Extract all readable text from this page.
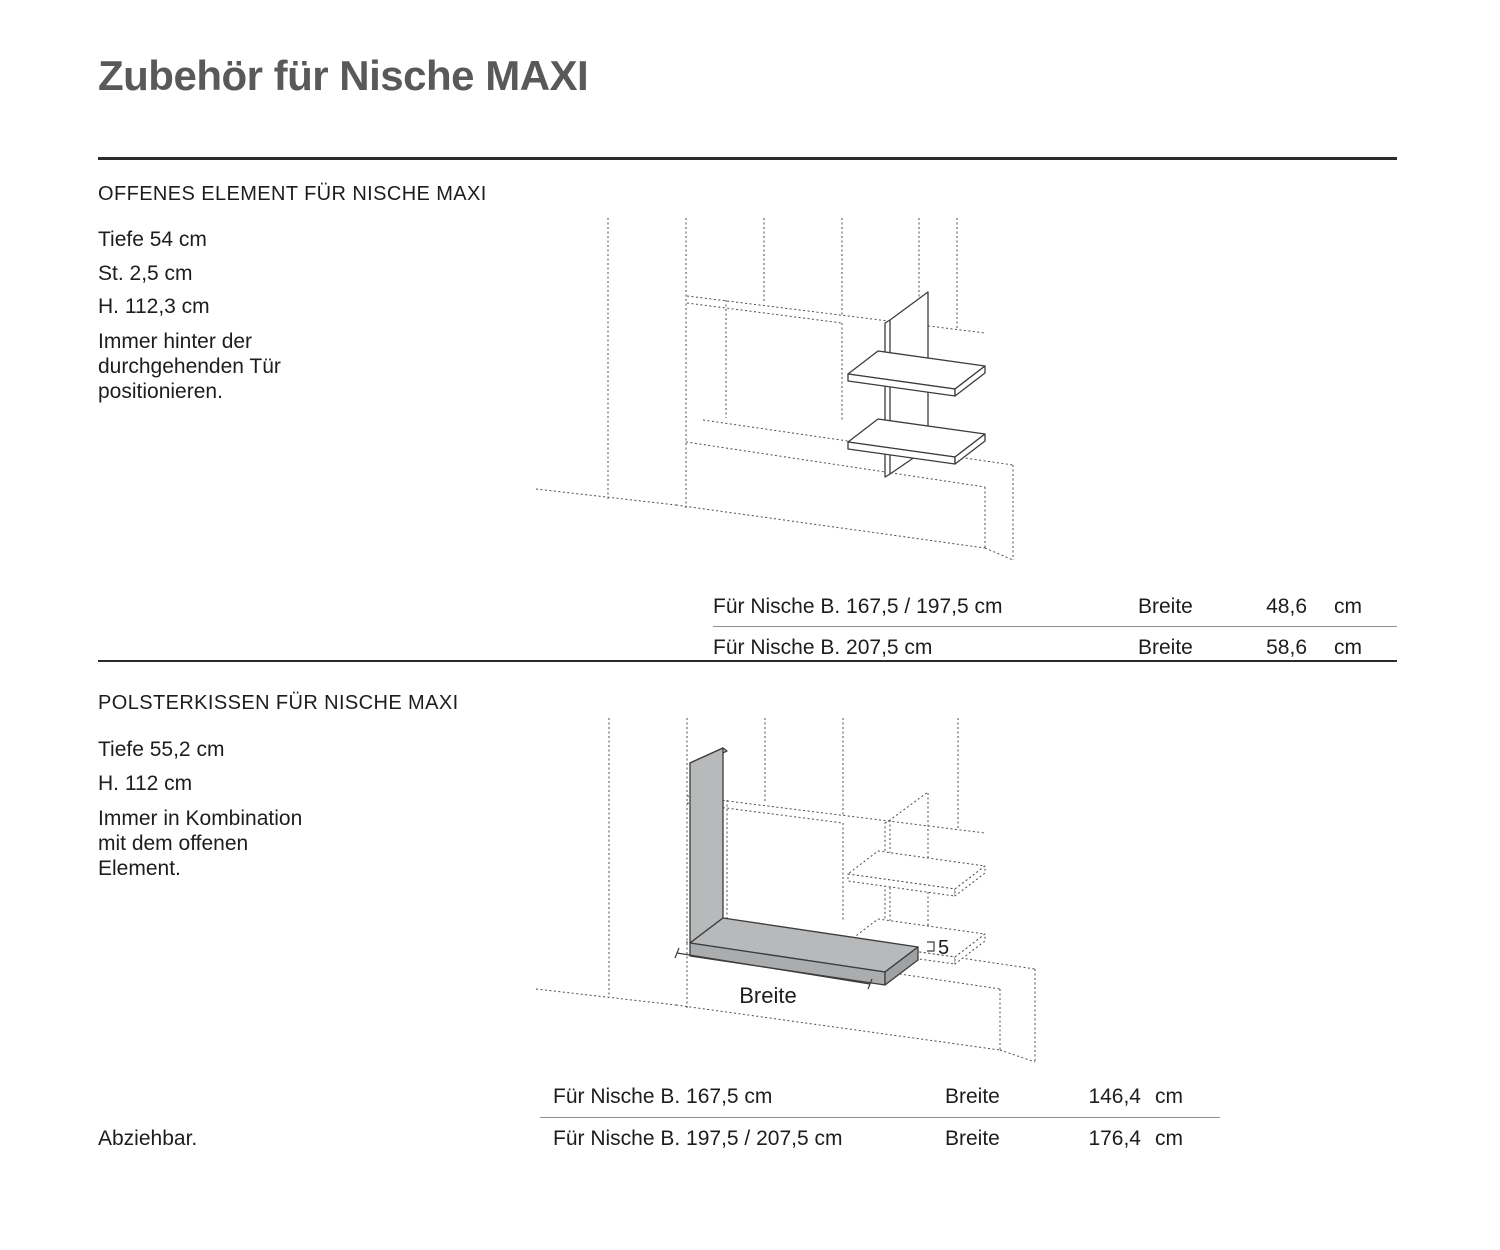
Zubehör für Nische MAXI
OFFENES ELEMENT FÜR NISCHE MAXI
Tiefe 54 cm
St. 2,5 cm
H. 112,3 cm
Immer hinter der durchgehenden Tür positionieren.
Für Nische B. 167,5 / 197,5 cm	Breite	48,6 cm
Für Nische B. 207,5 cm	Breite	58,6 cm
POLSTERKISSEN FÜR NISCHE MAXI
Tiefe 55,2 cm
H. 112 cm
Immer in Kombination mit dem offenen Element.
Breite
5
Für Nische B. 167,5 cm	Breite	146,4 cm
Für Nische B. 197,5 / 207,5 cm	Breite	176,4 cm
Abziehbar.
